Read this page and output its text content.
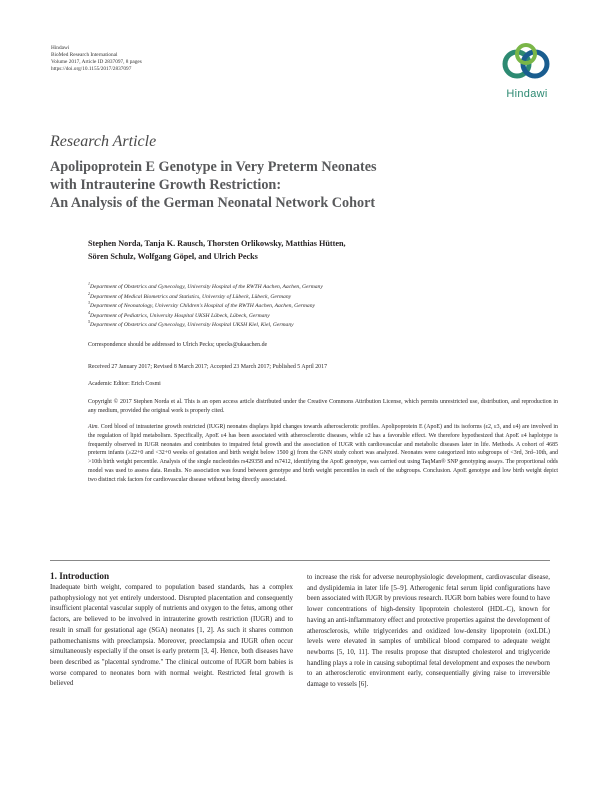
Hindawi
BioMed Research International
Volume 2017, Article ID 2837097, 8 pages
https://doi.org/10.1155/2017/2837097
Hindawi
Research Article
Apolipoprotein E Genotype in Very Preterm Neonates
with Intrauterine Growth Restriction:
An Analysis of the German Neonatal Network Cohort
Stephen Norda, Tanja K. Rausch, Thorsten Orlikowsky, Matthias Hütten,
Sören Schulz, Wolfgang Göpel, and Ulrich Pecks
$^1$Department of Obstetrics and Gynecology, University Hospital of the RWTH Aachen, Aachen, Germany
$^2$Department of Medical Biometrics and Statistics, University of Lübeck, Lübeck, Germany
$^3$Department of Neonatology, University Children's Hospital of the RWTH Aachen, Aachen, Germany
$^4$Department of Pediatrics, University Hospital UKSH Lübeck, Lübeck, Germany
$^5$Department of Obstetrics and Gynecology, University Hospital UKSH Kiel, Kiel, Germany
Correspondence should be addressed to Ulrich Pecks; upecks@ukaachen.de
Received 27 January 2017; Revised 8 March 2017; Accepted 23 March 2017; Published 5 April 2017
Academic Editor: Erich Cosmi
Copyright © 2017 Stephen Norda et al. This is an open access article distributed under the Creative Commons Attribution License, which permits unrestricted use, distribution, and reproduction in any medium, provided the original work is properly cited.
Aim. Cord blood of intrauterine growth restricted (IUGR) neonates displays lipid changes towards atherosclerotic profiles. Apolipoprotein E (ApoE) and its isoforms (ε2, ε3, and ε4) are involved in the regulation of lipid metabolism. Specifically, ApoE ε4 has been associated with atherosclerotic diseases, while ε2 has a favorable effect. We therefore hypothesized that ApoE ε4 haplotype is frequently observed in IUGR neonates and contributes to impaired fetal growth and the association of IUGR with cardiovascular and metabolic diseases later in life. Methods. A cohort of 4685 preterm infants (≥22+0 and <32+0 weeks of gestation and birth weight below 1500 g) from the GNN study cohort was analyzed. Neonates were categorized into subgroups of <3rd, 3rd–10th, and >10th birth weight percentile. Analysis of the single nucleotides rs429358 and rs7412, identifying the ApoE genotype, was carried out using TaqMan® SNP genotyping assays. The proportional odds model was used to assess data. Results. No association was found between genotype and birth weight percentiles in each of the subgroups. Conclusion. ApoE genotype and low birth weight depict two distinct risk factors for cardiovascular disease without being directly associated.
1. Introduction
Inadequate birth weight, compared to population based standards, has a complex pathophysiology not yet entirely understood. Disrupted placentation and consequently insufficient placental vascular supply of nutrients and oxygen to the fetus, among other factors, are believed to be involved in intrauterine growth restriction (IUGR) and to result in small for gestational age (SGA) neonates [1, 2]. As such it shares common pathomechanisms with preeclampsia. Moreover, preeclampsia and IUGR often occur simultaneously especially if the onset is early preterm [3, 4]. Hence, both diseases have been described as "placental syndrome." The clinical outcome of IUGR born babies is worse compared to neonates born with normal weight. Restricted fetal growth is believed
to increase the risk for adverse neurophysiologic development, cardiovascular disease, and dyslipidemia in later life [5–9]. Atherogenic fetal serum lipid configurations have been associated with IUGR by previous research. IUGR born babies were found to have lower concentrations of high-density lipoprotein cholesterol (HDL-C), known for having an anti-inflammatory effect and protective properties against the development of atherosclerosis, while triglycerides and oxidized low-density lipoprotein (oxLDL) levels were elevated in samples of umbilical blood compared to adequate weight newborns [5, 10, 11]. The results propose that disrupted cholesterol and triglyceride handling plays a role in causing suboptimal fetal development and exposes the newborn to an atherosclerotic environment early, consequentially giving raise to irreversible damage to vessels [6].
